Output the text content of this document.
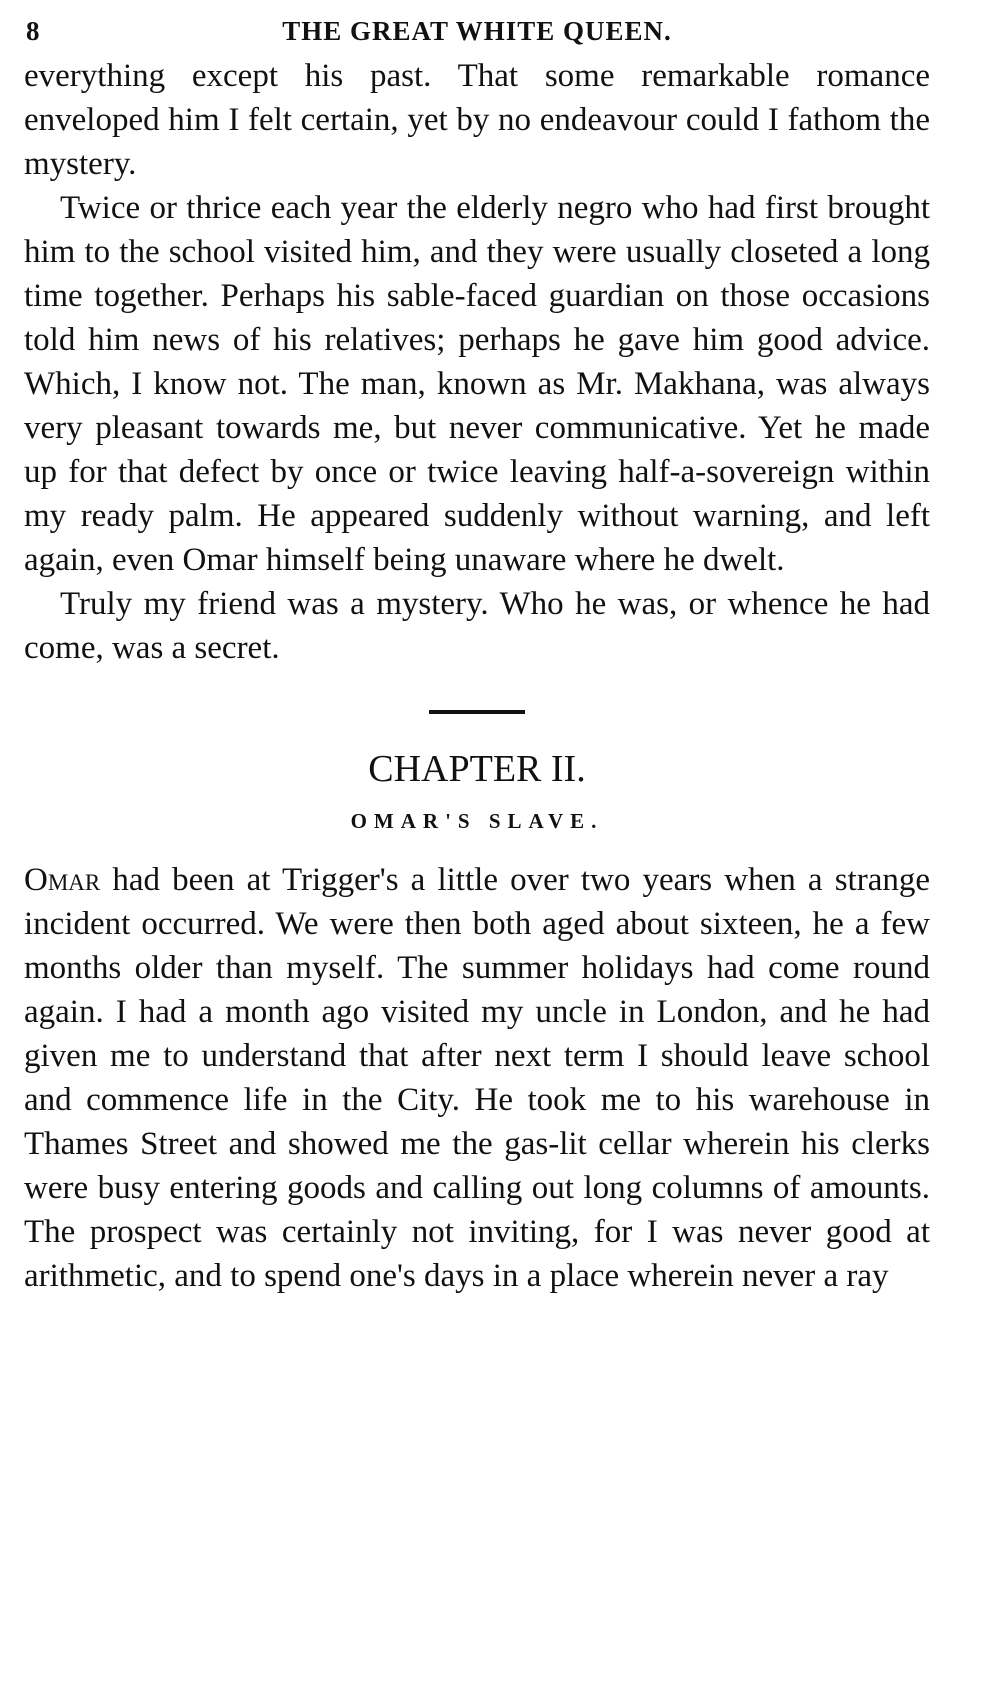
8	THE GREAT WHITE QUEEN.

everything except his past. That some remarkable romance enveloped him I felt certain, yet by no endeavour could I fathom the mystery.

Twice or thrice each year the elderly negro who had first brought him to the school visited him, and they were usually closeted a long time together. Perhaps his sable-faced guardian on those occasions told him news of his relatives; perhaps he gave him good advice. Which, I know not. The man, known as Mr. Makhana, was always very pleasant towards me, but never communicative. Yet he made up for that defect by once or twice leaving half-a-sovereign within my ready palm. He appeared suddenly without warning, and left again, even Omar himself being unaware where he dwelt.

Truly my friend was a mystery. Who he was, or whence he had come, was a secret.

CHAPTER II.
OMAR'S SLAVE.

Omar had been at Trigger's a little over two years when a strange incident occurred. We were then both aged about sixteen, he a few months older than myself. The summer holidays had come round again. I had a month ago visited my uncle in London, and he had given me to understand that after next term I should leave school and commence life in the City. He took me to his warehouse in Thames Street and showed me the gas-lit cellar wherein his clerks were busy entering goods and calling out long columns of amounts. The prospect was certainly not inviting, for I was never good at arithmetic, and to spend one's days in a place wherein never a ray
